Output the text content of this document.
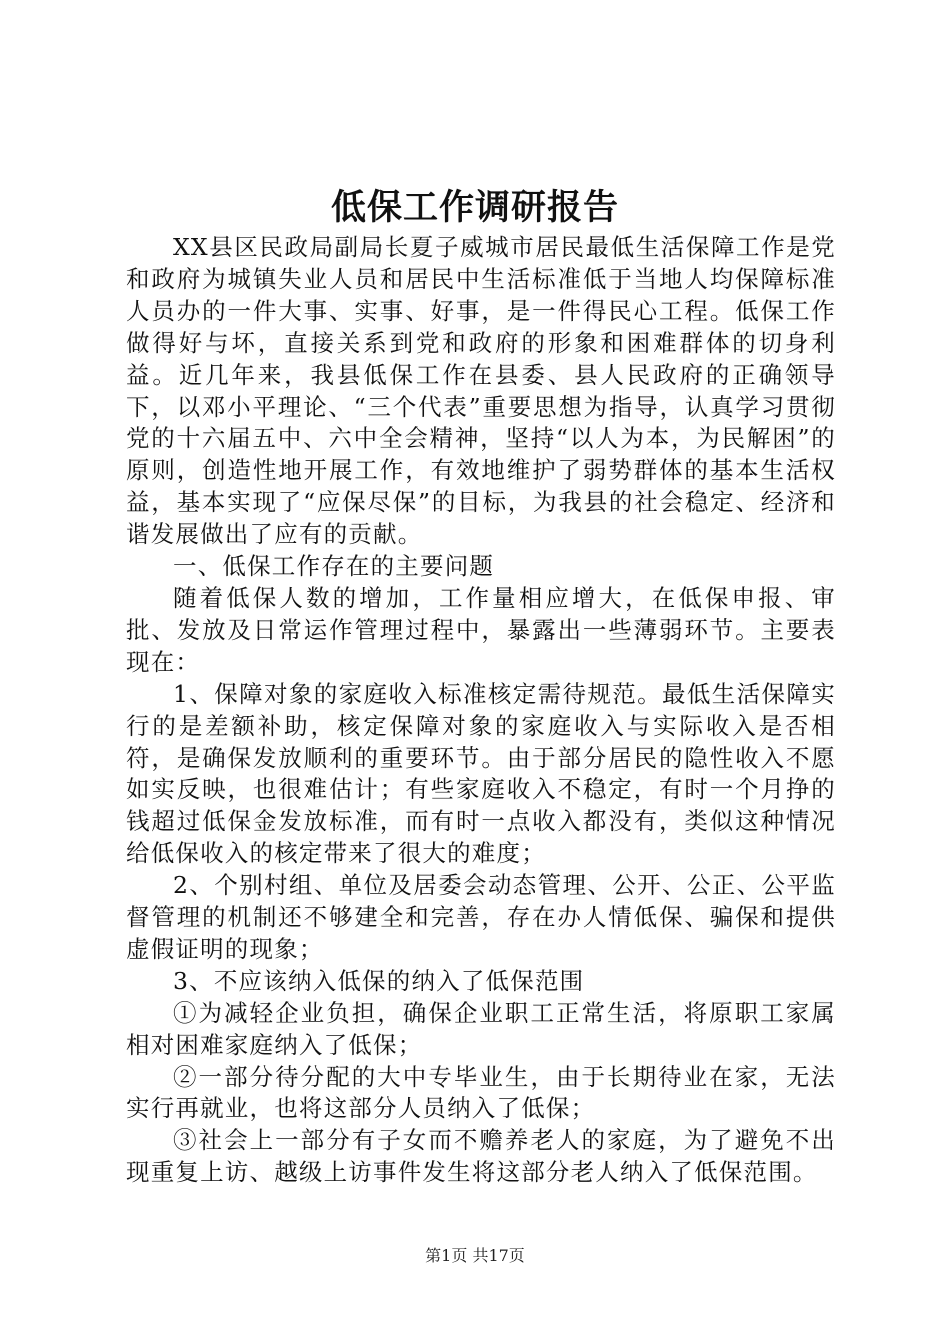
低保工作调研报告

XX县区民政局副局长夏子威城市居民最低生活保障工作是党和政府为城镇失业人员和居民中生活标准低于当地人均保障标准人员办的一件大事、实事、好事，是一件得民心工程。低保工作做得好与坏，直接关系到党和政府的形象和困难群体的切身利益。近几年来，我县低保工作在县委、县人民政府的正确领导下，以邓小平理论、“三个代表”重要思想为指导，认真学习贯彻党的十六届五中、六中全会精神，坚持“以人为本，为民解困”的原则，创造性地开展工作，有效地维护了弱势群体的基本生活权益，基本实现了“应保尽保”的目标，为我县的社会稳定、经济和谐发展做出了应有的贡献。

一、低保工作存在的主要问题

随着低保人数的增加，工作量相应增大，在低保申报、审批、发放及日常运作管理过程中，暴露出一些薄弱环节。主要表现在：

1、保障对象的家庭收入标准核定需待规范。最低生活保障实行的是差额补助，核定保障对象的家庭收入与实际收入是否相符，是确保发放顺利的重要环节。由于部分居民的隐性收入不愿如实反映，也很难估计；有些家庭收入不稳定，有时一个月挣的钱超过低保金发放标准，而有时一点收入都没有，类似这种情况给低保收入的核定带来了很大的难度；

2、个别村组、单位及居委会动态管理、公开、公正、公平监督管理的机制还不够建全和完善，存在办人情低保、骗保和提供虚假证明的现象；

3、不应该纳入低保的纳入了低保范围

①为减轻企业负担，确保企业职工正常生活，将原职工家属相对困难家庭纳入了低保；

②一部分待分配的大中专毕业生，由于长期待业在家，无法实行再就业，也将这部分人员纳入了低保；

③社会上一部分有子女而不赡养老人的家庭，为了避免不出现重复上访、越级上访事件发生将这部分老人纳入了低保范围。

第1页 共17页
